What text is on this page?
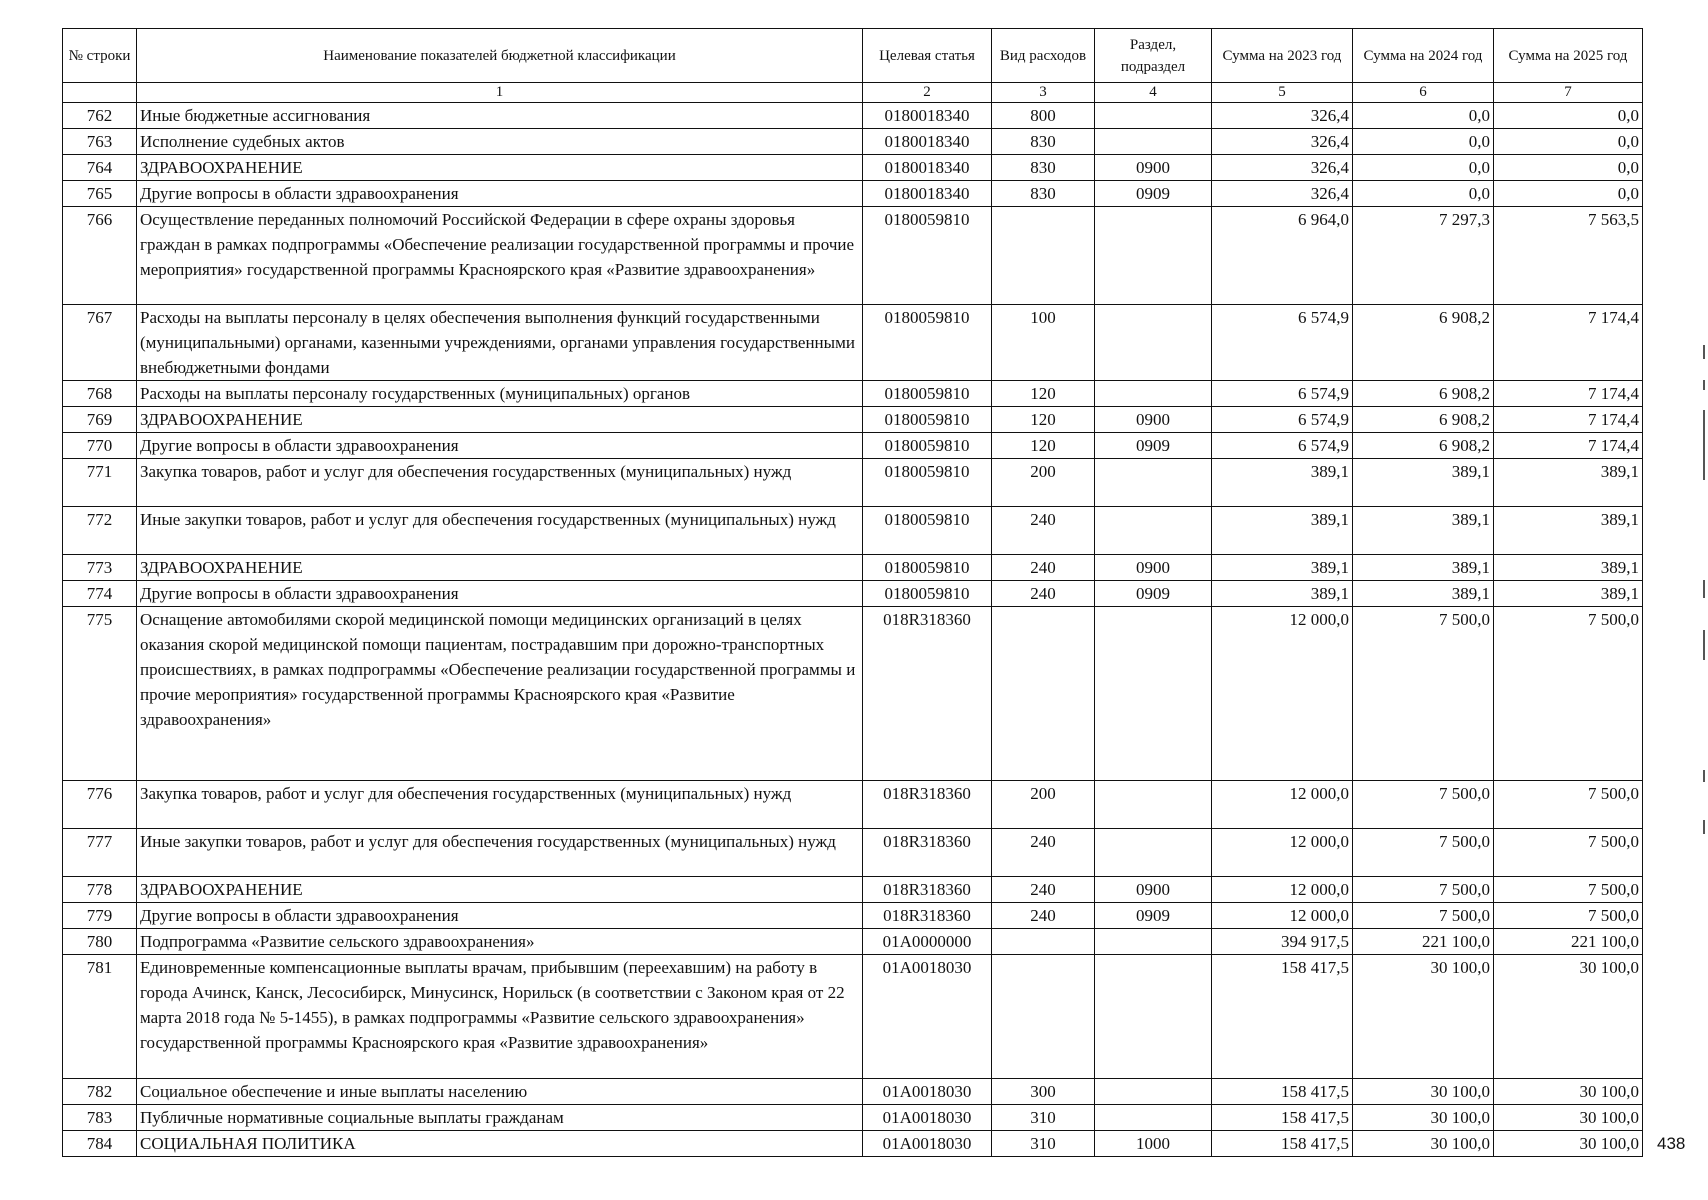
№ строки	Наименование показателей бюджетной классификации	Целевая статья	Вид расходов	Раздел, подраздел	Сумма на 2023 год	Сумма на 2024 год	Сумма на 2025 год
	1	2	3	4	5	6	7
762	Иные бюджетные ассигнования	0180018340	800		326,4	0,0	0,0
763	Исполнение судебных актов	0180018340	830		326,4	0,0	0,0
764	ЗДРАВООХРАНЕНИЕ	0180018340	830	0900	326,4	0,0	0,0
765	Другие вопросы в области здравоохранения	0180018340	830	0909	326,4	0,0	0,0
766	Осуществление переданных полномочий Российской Федерации в сфере охраны здоровья граждан в рамках подпрограммы «Обеспечение реализации государственной программы и прочие мероприятия» государственной программы Красноярского края «Развитие здравоохранения»	0180059810			6 964,0	7 297,3	7 563,5
767	Расходы на выплаты персоналу в целях обеспечения выполнения функций государственными (муниципальными) органами, казенными учреждениями, органами управления государственными внебюджетными фондами	0180059810	100		6 574,9	6 908,2	7 174,4
768	Расходы на выплаты персоналу государственных (муниципальных) органов	0180059810	120		6 574,9	6 908,2	7 174,4
769	ЗДРАВООХРАНЕНИЕ	0180059810	120	0900	6 574,9	6 908,2	7 174,4
770	Другие вопросы в области здравоохранения	0180059810	120	0909	6 574,9	6 908,2	7 174,4
771	Закупка товаров, работ и услуг для обеспечения государственных (муниципальных) нужд	0180059810	200		389,1	389,1	389,1
772	Иные закупки товаров, работ и услуг для обеспечения государственных (муниципальных) нужд	0180059810	240		389,1	389,1	389,1
773	ЗДРАВООХРАНЕНИЕ	0180059810	240	0900	389,1	389,1	389,1
774	Другие вопросы в области здравоохранения	0180059810	240	0909	389,1	389,1	389,1
775	Оснащение автомобилями скорой медицинской помощи медицинских организаций в целях оказания скорой медицинской помощи пациентам, пострадавшим при дорожно-транспортных происшествиях, в рамках подпрограммы «Обеспечение реализации государственной программы и прочие мероприятия» государственной программы Красноярского края «Развитие здравоохранения»	018R318360			12 000,0	7 500,0	7 500,0
776	Закупка товаров, работ и услуг для обеспечения государственных (муниципальных) нужд	018R318360	200		12 000,0	7 500,0	7 500,0
777	Иные закупки товаров, работ и услуг для обеспечения государственных (муниципальных) нужд	018R318360	240		12 000,0	7 500,0	7 500,0
778	ЗДРАВООХРАНЕНИЕ	018R318360	240	0900	12 000,0	7 500,0	7 500,0
779	Другие вопросы в области здравоохранения	018R318360	240	0909	12 000,0	7 500,0	7 500,0
780	Подпрограмма «Развитие сельского здравоохранения»	01А0000000			394 917,5	221 100,0	221 100,0
781	Единовременные компенсационные выплаты врачам, прибывшим (переехавшим) на работу в города Ачинск, Канск, Лесосибирск, Минусинск, Норильск (в соответствии с Законом края от 22 марта 2018 года № 5-1455), в рамках подпрограммы «Развитие сельского здравоохранения» государственной программы Красноярского края «Развитие здравоохранения»	01А0018030			158 417,5	30 100,0	30 100,0
782	Социальное обеспечение и иные выплаты населению	01А0018030	300		158 417,5	30 100,0	30 100,0
783	Публичные нормативные социальные выплаты гражданам	01А0018030	310		158 417,5	30 100,0	30 100,0
784	СОЦИАЛЬНАЯ ПОЛИТИКА	01А0018030	310	1000	158 417,5	30 100,0	30 100,0 438
